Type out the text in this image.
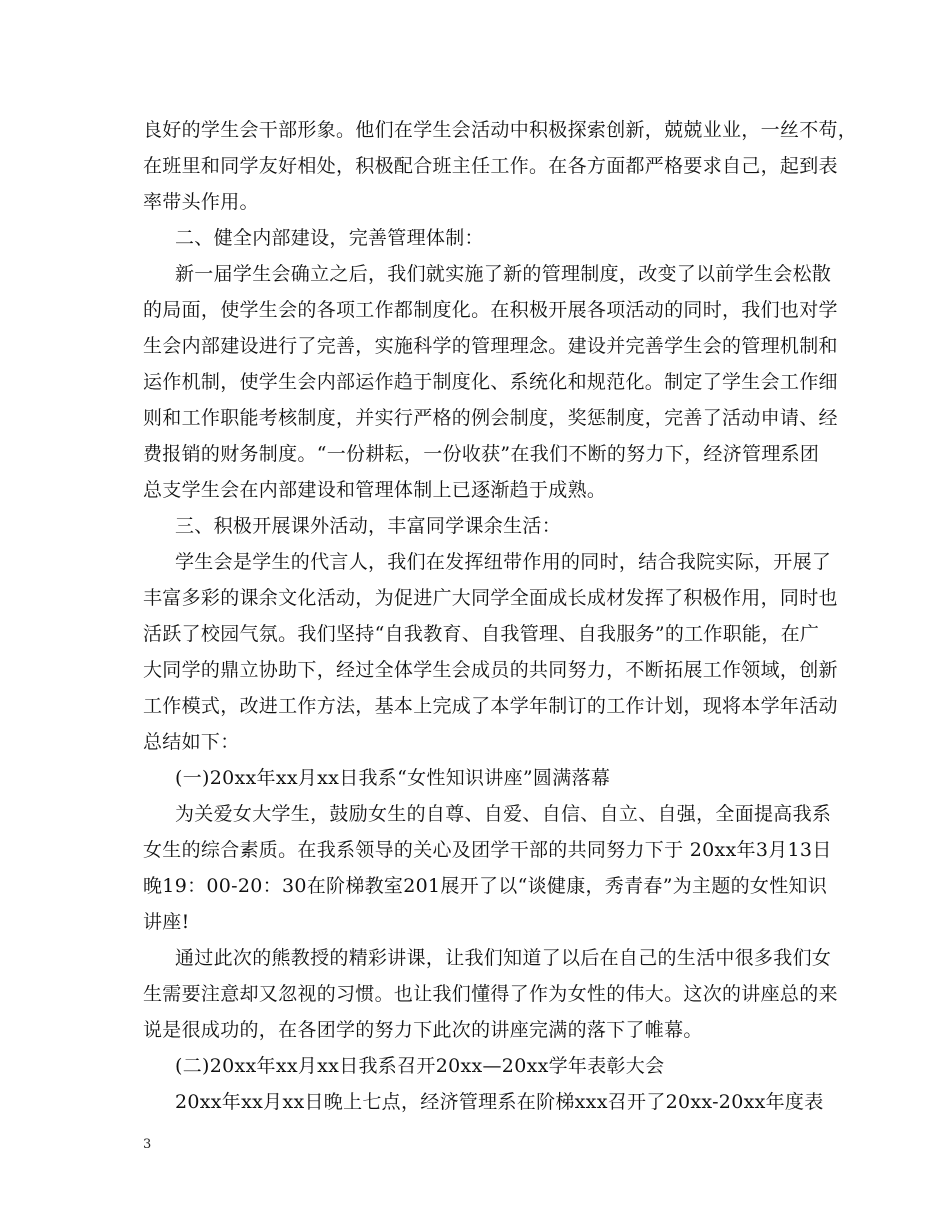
良好的学生会干部形象。他们在学生会活动中积极探索创新，兢兢业业，一丝不苟，
在班里和同学友好相处，积极配合班主任工作。在各方面都严格要求自己，起到表
率带头作用。
二、健全内部建设，完善管理体制：
新一届学生会确立之后，我们就实施了新的管理制度，改变了以前学生会松散
的局面，使学生会的各项工作都制度化。在积极开展各项活动的同时，我们也对学
生会内部建设进行了完善，实施科学的管理理念。建设并完善学生会的管理机制和
运作机制，使学生会内部运作趋于制度化、系统化和规范化。制定了学生会工作细
则和工作职能考核制度，并实行严格的例会制度，奖惩制度，完善了活动申请、经
费报销的财务制度。“一份耕耘，一份收获”在我们不断的努力下，经济管理系团
总支学生会在内部建设和管理体制上已逐渐趋于成熟。
三、积极开展课外活动，丰富同学课余生活：
学生会是学生的代言人，我们在发挥纽带作用的同时，结合我院实际，开展了
丰富多彩的课余文化活动，为促进广大同学全面成长成材发挥了积极作用，同时也
活跃了校园气氛。我们坚持“自我教育、自我管理、自我服务”的工作职能，在广
大同学的鼎立协助下，经过全体学生会成员的共同努力，不断拓展工作领域，创新
工作模式，改进工作方法，基本上完成了本学年制订的工作计划，现将本学年活动
总结如下：
(一)20xx年xx月xx日我系“女性知识讲座”圆满落幕
为关爱女大学生，鼓励女生的自尊、自爱、自信、自立、自强，全面提高我系
女生的综合素质。在我系领导的关心及团学干部的共同努力下于 20xx年3月13日
晚19：00-20：30在阶梯教室201展开了以“谈健康，秀青春”为主题的女性知识
讲座!
通过此次的熊教授的精彩讲课，让我们知道了以后在自己的生活中很多我们女
生需要注意却又忽视的习惯。也让我们懂得了作为女性的伟大。这次的讲座总的来
说是很成功的，在各团学的努力下此次的讲座完满的落下了帷幕。
(二)20xx年xx月xx日我系召开20xx—20xx学年表彰大会
20xx年xx月xx日晚上七点，经济管理系在阶梯xxx召开了20xx-20xx年度表
3
